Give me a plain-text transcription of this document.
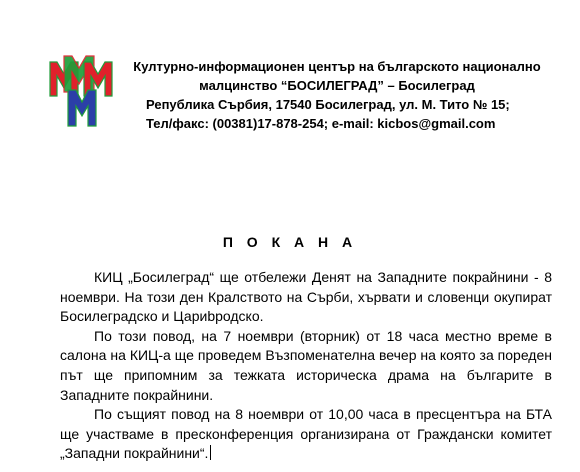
Културно-информационен център на българското национално
малцинство “БОСИЛЕГРАД” – Босилеград
Република Сърбия, 17540 Босилеград, ул. М. Тито № 15;
Тел/факс: (00381)17-878-254; e-mail: kicbos@gmail.com
П О К А Н А

КИЦ „Босилеград“ ще отбележи Денят на Западните покрайнини - 8 ноември. На този ден Кралството на Сърби, хървати и словенци окупират Босилеградско и Цариbродско.

По този повод, на 7 ноември (вторник) от 18 часа местно време в салона на КИЦ-а ще проведем Възпоменателна вечер на която за пореден път ще припомним за тежката историческа драма на българите в Западните покрайнини.

По същият повод на 8 ноември от 10,00 часа в пресцентъра на БТА ще участваме в пресконференция организирана от Граждански комитет „Западни покрайнини“.
